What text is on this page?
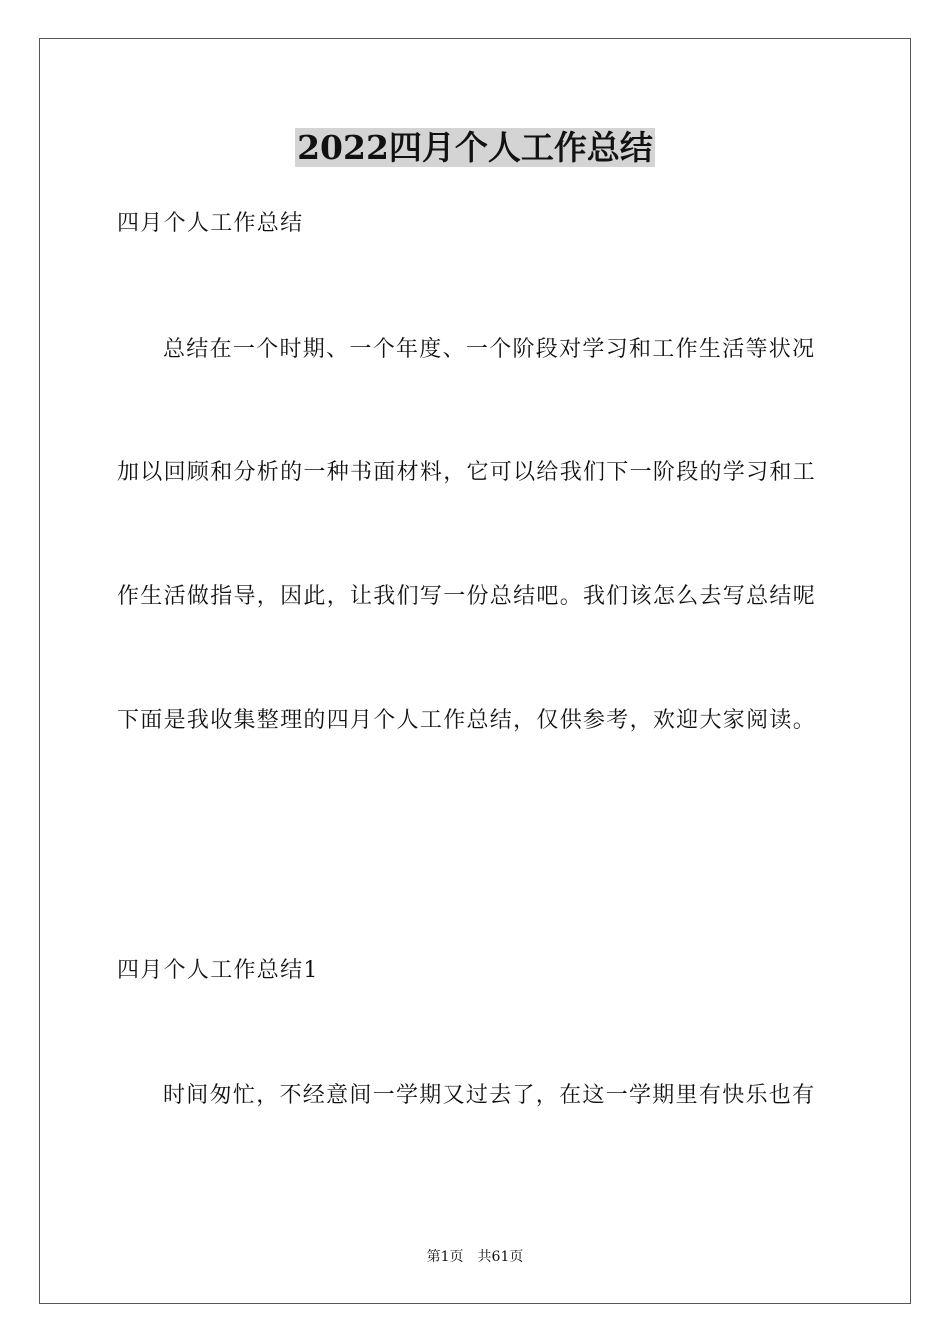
2022四月个人工作总结

四月个人工作总结

总结在一个时期、一个年度、一个阶段对学习和工作生活等状况

加以回顾和分析的一种书面材料，它可以给我们下一阶段的学习和工

作生活做指导，因此，让我们写一份总结吧。我们该怎么去写总结呢

下面是我收集整理的四月个人工作总结，仅供参考，欢迎大家阅读。

四月个人工作总结1

时间匆忙，不经意间一学期又过去了，在这一学期里有快乐也有

第1页　共61页
